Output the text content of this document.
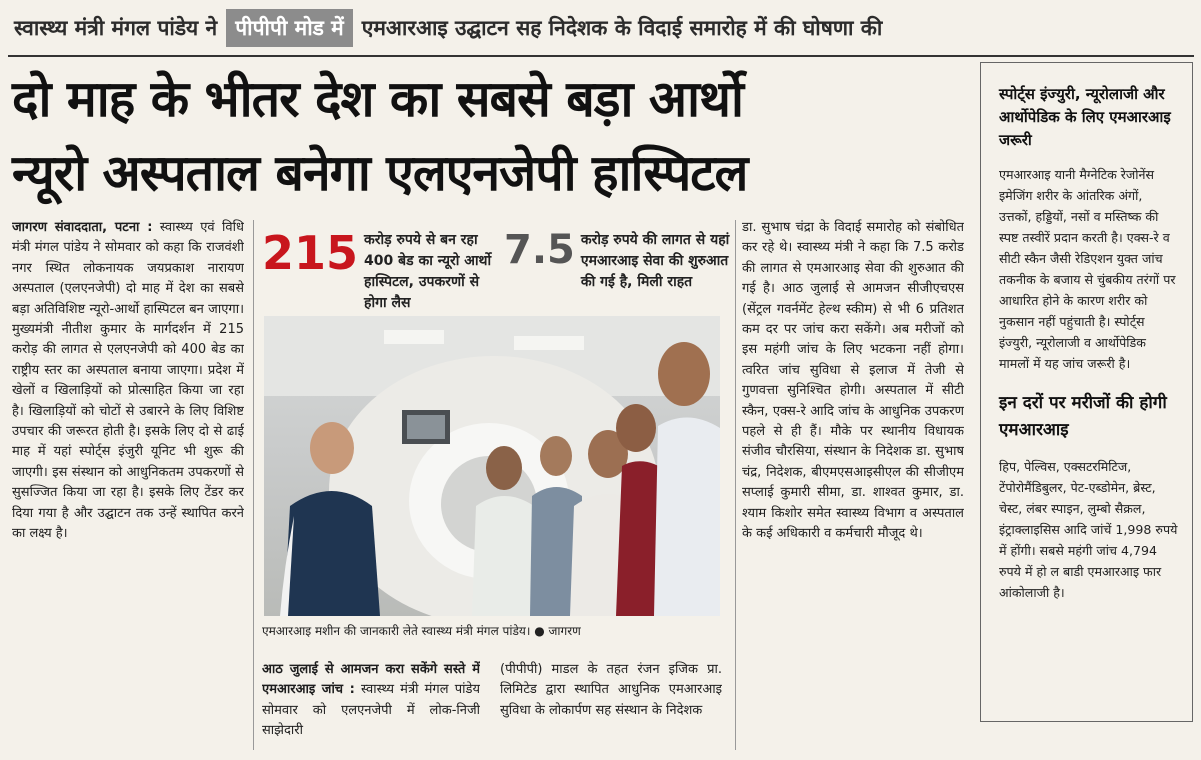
स्वास्थ्य मंत्री मंगल पांडेय ने पीपीपी मोड में एमआरआइ उद्घाटन सह निदेशक के विदाई समारोह में की घोषणा की
दो माह के भीतर देश का सबसे बड़ा आर्थो
न्यूरो अस्पताल बनेगा एलएनजेपी हास्पिटल
जागरण संवाददाता, पटना : स्वास्थ्य एवं विधि मंत्री मंगल पांडेय ने सोमवार को कहा कि राजवंशी नगर स्थित लोकनायक जयप्रकाश नारायण अस्पताल (एलएनजेपी) दो माह में देश का सबसे बड़ा अतिविशिष्ट न्यूरो-आर्थो हास्पिटल बन जाएगा। मुख्यमंत्री नीतीश कुमार के मार्गदर्शन में 215 करोड़ की लागत से एलएनजेपी को 400 बेड का राष्ट्रीय स्तर का अस्पताल बनाया जाएगा। प्रदेश में खेलों व खिलाड़ियों को प्रोत्साहित किया जा रहा है। खिलाड़ियों को चोटों से उबारने के लिए विशिष्ट उपचार की जरूरत होती है। इसके लिए दो से ढाई माह में यहां स्पोर्ट्स इंजुरी यूनिट भी शुरू की जाएगी। इस संस्थान को आधुनिकतम उपकरणों से सुसज्जित किया जा रहा है। इसके लिए टेंडर कर दिया गया है और उद्घाटन तक उन्हें स्थापित करने का लक्ष्य है।
215 करोड़ रुपये से बन रहा 400 बेड का न्यूरो आर्थो हास्पिटल, उपकरणों से होगा लैस
7.5 करोड़ रुपये की लागत से यहां एमआरआइ सेवा की शुरुआत की गई है, मिली राहत
एमआरआइ मशीन की जानकारी लेते स्वास्थ्य मंत्री मंगल पांडेय। ● जागरण
आठ जुलाई से आमजन करा सकेंगे सस्ते में एमआरआइ जांच : स्वास्थ्य मंत्री मंगल पांडेय सोमवार को एलएनजेपी में लोक-निजी साझेदारी
(पीपीपी) माडल के तहत रंजन इजिक प्रा. लिमिटेड द्वारा स्थापित आधुनिक एमआरआइ सुविधा के लोकार्पण सह संस्थान के निदेशक
डा. सुभाष चंद्रा के विदाई समारोह को संबोधित कर रहे थे। स्वास्थ्य मंत्री ने कहा कि 7.5 करोड की लागत से एमआरआइ सेवा की शुरुआत की गई है। आठ जुलाई से आमजन सीजीएचएस (सेंट्रल गवर्नमेंट हेल्थ स्कीम) से भी 6 प्रतिशत कम दर पर जांच करा सकेंगे। अब मरीजों को इस महंगी जांच के लिए भटकना नहीं होगा। त्वरित जांच सुविधा से इलाज में तेजी से गुणवत्ता सुनिश्चित होगी। अस्पताल में सीटी स्कैन, एक्स-रे आदि जांच के आधुनिक उपकरण पहले से ही हैं। मौके पर स्थानीय विधायक संजीव चौरसिया, संस्थान के निदेशक डा. सुभाष चंद्र, निदेशक, बीएमएसआइसीएल की सीजीएम सप्लाई कुमारी सीमा, डा. शाश्वत कुमार, डा. श्याम किशोर समेत स्वास्थ्य विभाग व अस्पताल के कई अधिकारी व कर्मचारी मौजूद थे।
स्पोर्ट्स इंज्युरी, न्यूरोलाजी और आर्थोपेडिक के लिए एमआरआइ जरूरी
एमआरआइ यानी मैग्नेटिक रेजोनेंस इमेजिंग शरीर के आंतरिक अंगों, उत्तकों, हड्डियों, नसों व मस्तिष्क की स्पष्ट तस्वीरें प्रदान करती है। एक्स-रे व सीटी स्कैन जैसी रेडिएशन युक्त जांच तकनीक के बजाय से चुंबकीय तरंगों पर आधारित होने के कारण शरीर को नुकसान नहीं पहुंचाती है। स्पोर्ट्स इंज्युरी, न्यूरोलाजी व आर्थोपेडिक मामलों में यह जांच जरूरी है।
इन दरों पर मरीजों की होगी एमआरआइ
हिप, पेल्विस, एक्सटरमिटिज, टेंपोरोमैंडिबुलर, पेट-एब्डोमेन, ब्रेस्ट, चेस्ट, लंबर स्पाइन, लुम्बो सैक्रल, इंट्राक्लाइसिस आदि जांचें 1,998 रुपये में होंगी। सबसे महंगी जांच 4,794 रुपये में हो ल बाडी एमआरआइ फार आंकोलाजी है।
